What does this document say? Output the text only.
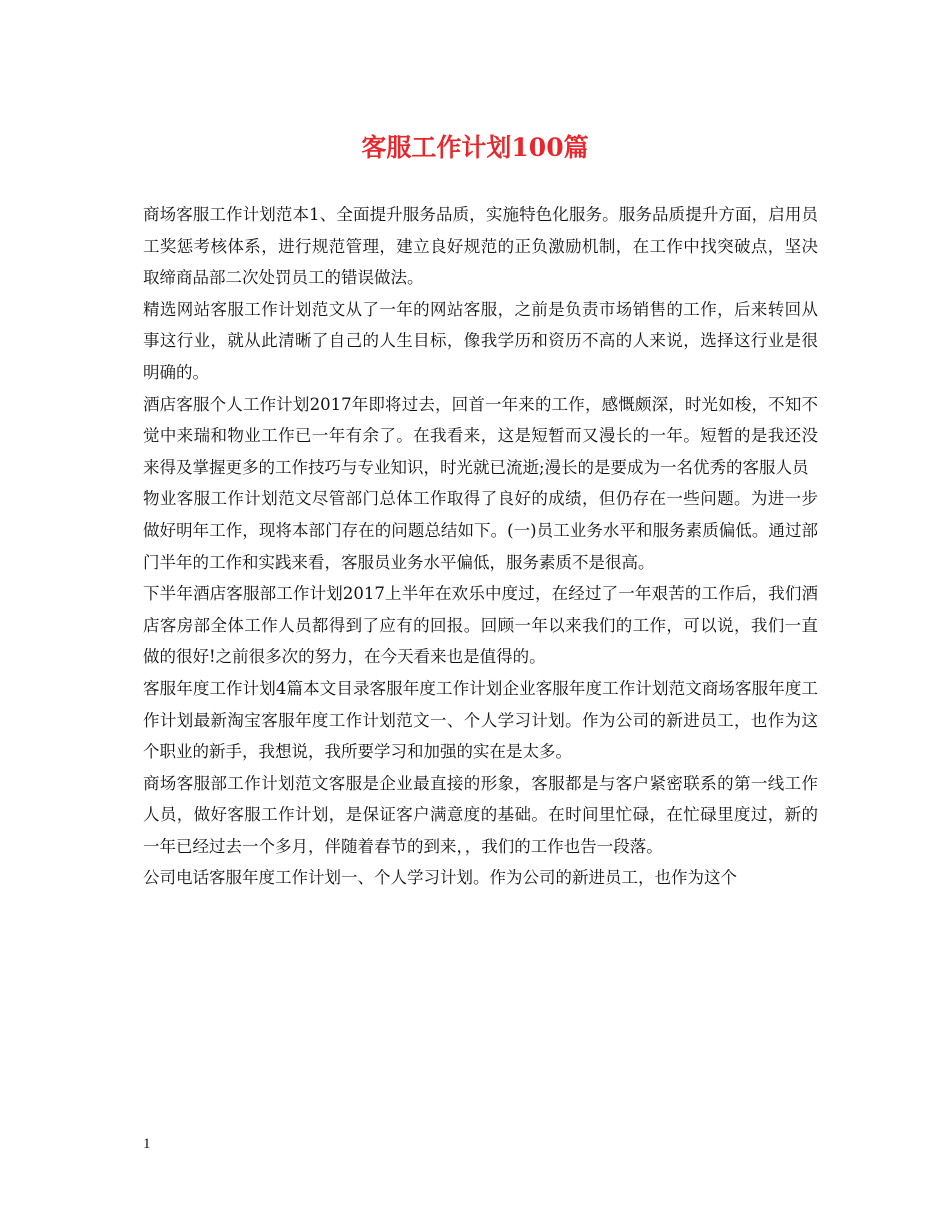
客服工作计划100篇

商场客服工作计划范本1、全面提升服务品质，实施特色化服务。服务品质提升方面，启用员工奖惩考核体系，进行规范管理，建立良好规范的正负激励机制，在工作中找突破点，坚决取缔商品部二次处罚员工的错误做法。

精选网站客服工作计划范文从了一年的网站客服，之前是负责市场销售的工作，后来转回从事这行业，就从此清晰了自己的人生目标，像我学历和资历不高的人来说，选择这行业是很明确的。

酒店客服个人工作计划2017年即将过去，回首一年来的工作，感慨颇深，时光如梭，不知不觉中来瑞和物业工作已一年有余了。在我看来，这是短暂而又漫长的一年。短暂的是我还没来得及掌握更多的工作技巧与专业知识，时光就已流逝;漫长的是要成为一名优秀的客服人员

物业客服工作计划范文尽管部门总体工作取得了良好的成绩，但仍存在一些问题。为进一步做好明年工作，现将本部门存在的问题总结如下。(一)员工业务水平和服务素质偏低。通过部门半年的工作和实践来看，客服员业务水平偏低，服务素质不是很高。

下半年酒店客服部工作计划2017上半年在欢乐中度过，在经过了一年艰苦的工作后，我们酒店客房部全体工作人员都得到了应有的回报。回顾一年以来我们的工作，可以说，我们一直做的很好!之前很多次的努力，在今天看来也是值得的。

客服年度工作计划4篇本文目录客服年度工作计划企业客服年度工作计划范文商场客服年度工作计划最新淘宝客服年度工作计划范文一、个人学习计划。作为公司的新进员工，也作为这个职业的新手，我想说，我所要学习和加强的实在是太多。

商场客服部工作计划范文客服是企业最直接的形象，客服都是与客户紧密联系的第一线工作人员，做好客服工作计划，是保证客户满意度的基础。在时间里忙碌，在忙碌里度过，新的一年已经过去一个多月，伴随着春节的到来，，我们的工作也告一段落。

公司电话客服年度工作计划一、个人学习计划。作为公司的新进员工，也作为这个

1
